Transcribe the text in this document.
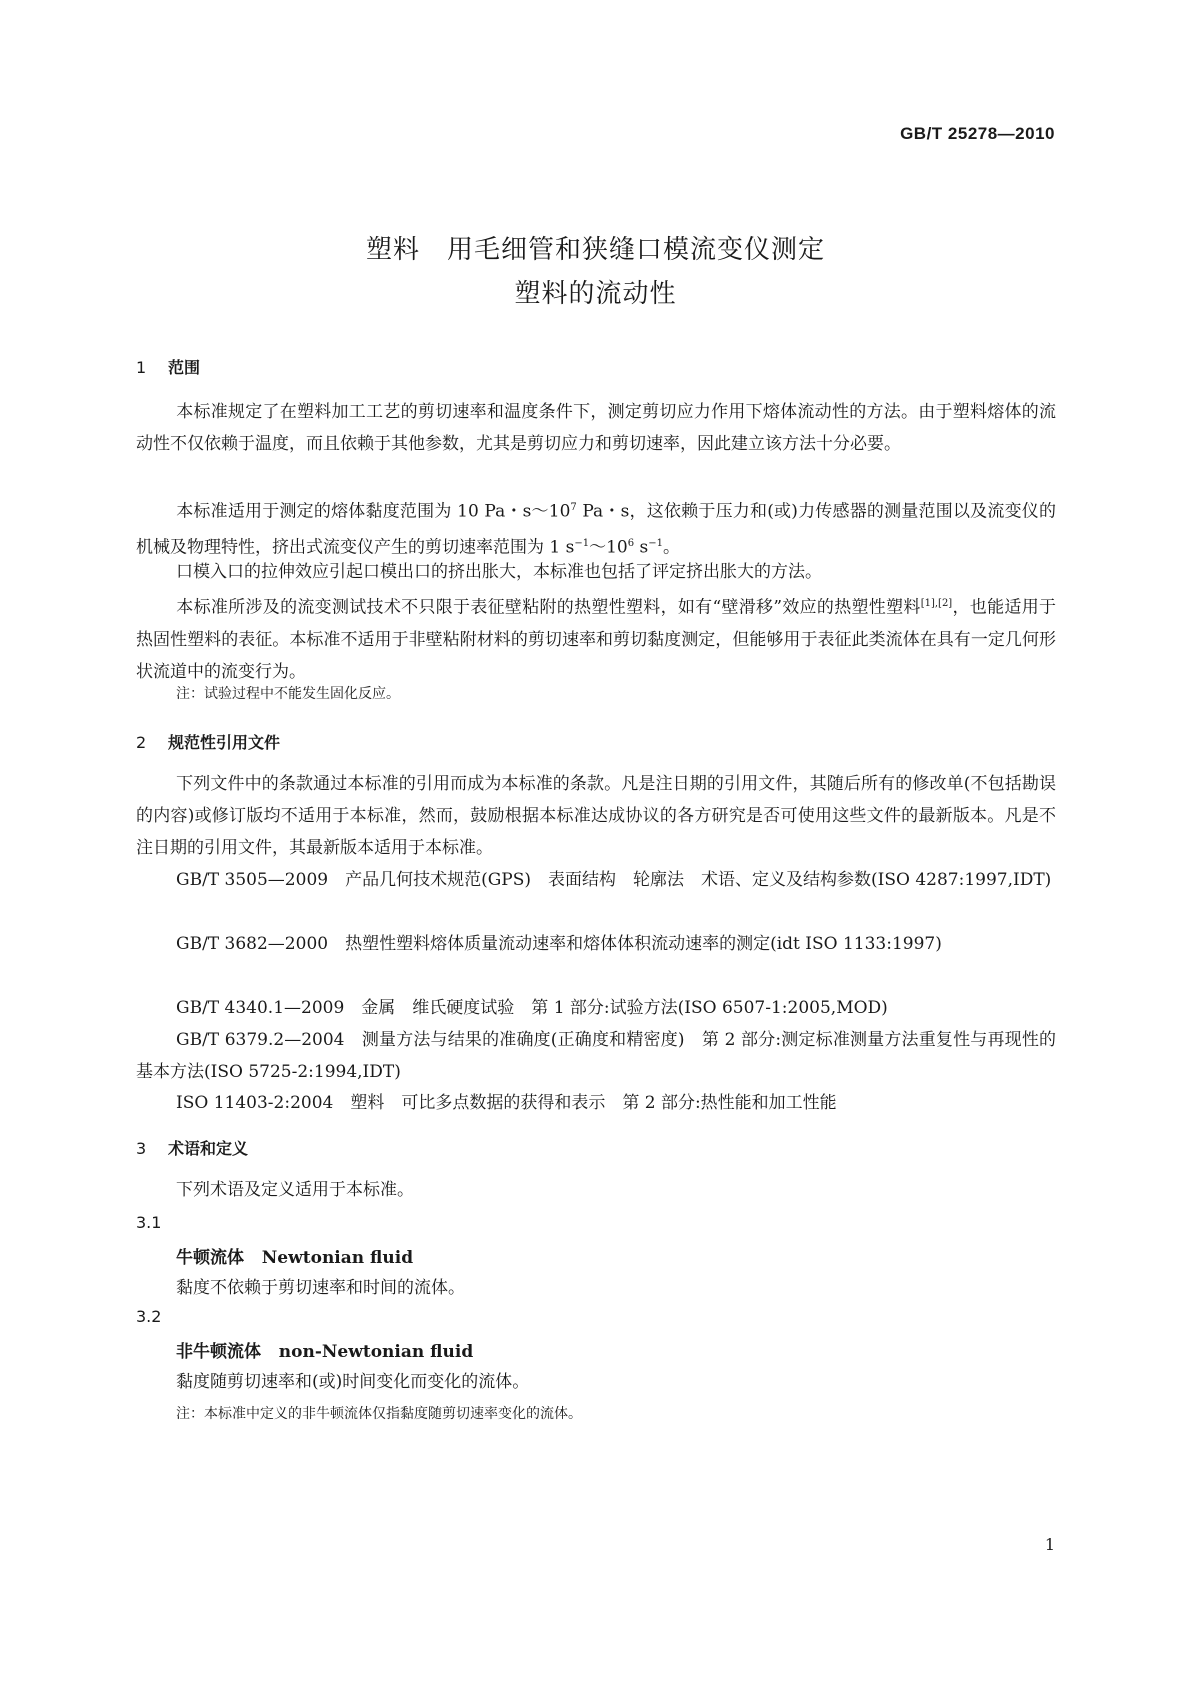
GB/T 25278—2010
塑料　用毛细管和狭缝口模流变仪测定
塑料的流动性
1 范围
本标准规定了在塑料加工工艺的剪切速率和温度条件下，测定剪切应力作用下熔体流动性的方法。由于塑料熔体的流动性不仅依赖于温度，而且依赖于其他参数，尤其是剪切应力和剪切速率，因此建立该方法十分必要。
本标准适用于测定的熔体黏度范围为 10 Pa・$s\sim 10^7$ Pa・s，这依赖于压力和(或)力传感器的测量范围以及流变仪的机械及物理特性，挤出式流变仪产生的剪切速率范围为 1 $s^{-1}\sim 10^6$ $s^{-1}$。
口模入口的拉伸效应引起口模出口的挤出胀大，本标准也包括了评定挤出胀大的方法。
本标准所涉及的流变测试技术不只限于表征壁粘附的热塑性塑料，如有“壁滑移”效应的热塑性塑料[1],[2]，也能适用于热固性塑料的表征。本标准不适用于非壁粘附材料的剪切速率和剪切黏度测定，但能够用于表征此类流体在具有一定几何形状流道中的流变行为。
注：试验过程中不能发生固化反应。
2 规范性引用文件
下列文件中的条款通过本标准的引用而成为本标准的条款。凡是注日期的引用文件，其随后所有的修改单(不包括勘误的内容)或修订版均不适用于本标准，然而，鼓励根据本标准达成协议的各方研究是否可使用这些文件的最新版本。凡是不注日期的引用文件，其最新版本适用于本标准。
GB/T 3505—2009　产品几何技术规范(GPS)　表面结构　轮廓法　术语、定义及结构参数(ISO 4287:1997,IDT)
GB/T 3682—2000　热塑性塑料熔体质量流动速率和熔体体积流动速率的测定(idt ISO 1133:1997)
GB/T 4340.1—2009　金属　维氏硬度试验　第 1 部分:试验方法(ISO 6507-1:2005,MOD)
GB/T 6379.2—2004　测量方法与结果的准确度(正确度和精密度)　第 2 部分:测定标准测量方法重复性与再现性的基本方法(ISO 5725-2:1994,IDT)
ISO 11403-2:2004　塑料　可比多点数据的获得和表示　第 2 部分:热性能和加工性能
3 术语和定义
下列术语及定义适用于本标准。
3.1
牛顿流体 Newtonian fluid
黏度不依赖于剪切速率和时间的流体。
3.2
非牛顿流体 non-Newtonian fluid
黏度随剪切速率和(或)时间变化而变化的流体。
注：本标准中定义的非牛顿流体仅指黏度随剪切速率变化的流体。
1
